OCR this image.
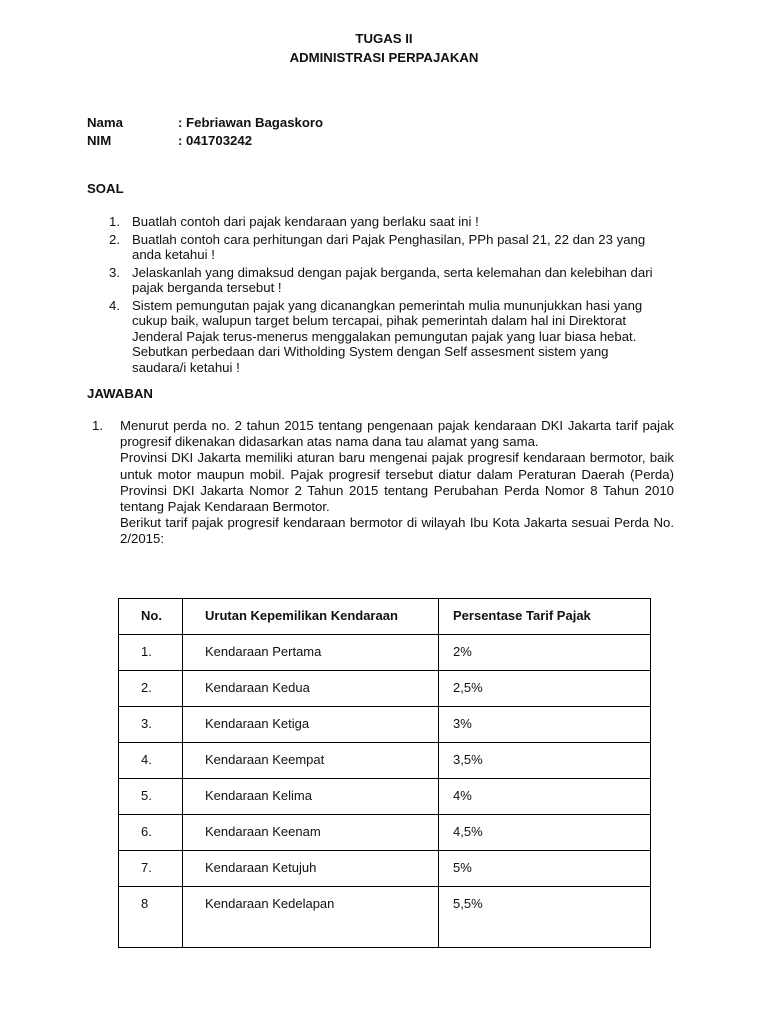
TUGAS II
ADMINISTRASI PERPAJAKAN
Nama	: Febriawan Bagaskoro
NIM	: 041703242
SOAL
1. Buatlah contoh dari pajak kendaraan yang berlaku saat ini !
2. Buatlah contoh cara perhitungan dari Pajak Penghasilan, PPh pasal 21, 22 dan 23 yang anda ketahui !
3. Jelaskanlah yang dimaksud dengan pajak berganda, serta kelemahan dan kelebihan dari pajak berganda tersebut !
4. Sistem pemungutan pajak yang dicanangkan pemerintah mulia mununjukkan hasi yang cukup baik, walupun target belum tercapai, pihak pemerintah dalam hal ini Direktorat Jenderal Pajak terus-menerus menggalakan pemungutan pajak yang luar biasa hebat. Sebutkan perbedaan dari Witholding System dengan Self assesment sistem yang saudara/i ketahui !
JAWABAN
1. Menurut perda no. 2 tahun 2015 tentang pengenaan pajak kendaraan DKI Jakarta tarif pajak progresif dikenakan didasarkan atas nama dana tau alamat yang sama.

Provinsi DKI Jakarta memiliki aturan baru mengenai pajak progresif kendaraan bermotor, baik untuk motor maupun mobil. Pajak progresif tersebut diatur dalam Peraturan Daerah (Perda) Provinsi DKI Jakarta Nomor 2 Tahun 2015 tentang Perubahan Perda Nomor 8 Tahun 2010 tentang Pajak Kendaraan Bermotor.

Berikut tarif pajak progresif kendaraan bermotor di wilayah Ibu Kota Jakarta sesuai Perda No. 2/2015:

No.	Urutan Kepemilikan Kendaraan	Persentase Tarif Pajak
1.	Kendaraan Pertama	2%
2.	Kendaraan Kedua	2,5%
3.	Kendaraan Ketiga	3%
4.	Kendaraan Keempat	3,5%
5.	Kendaraan Kelima	4%
6.	Kendaraan Keenam	4,5%
7.	Kendaraan Ketujuh	5%
8	Kendaraan Kedelapan	5,5%
